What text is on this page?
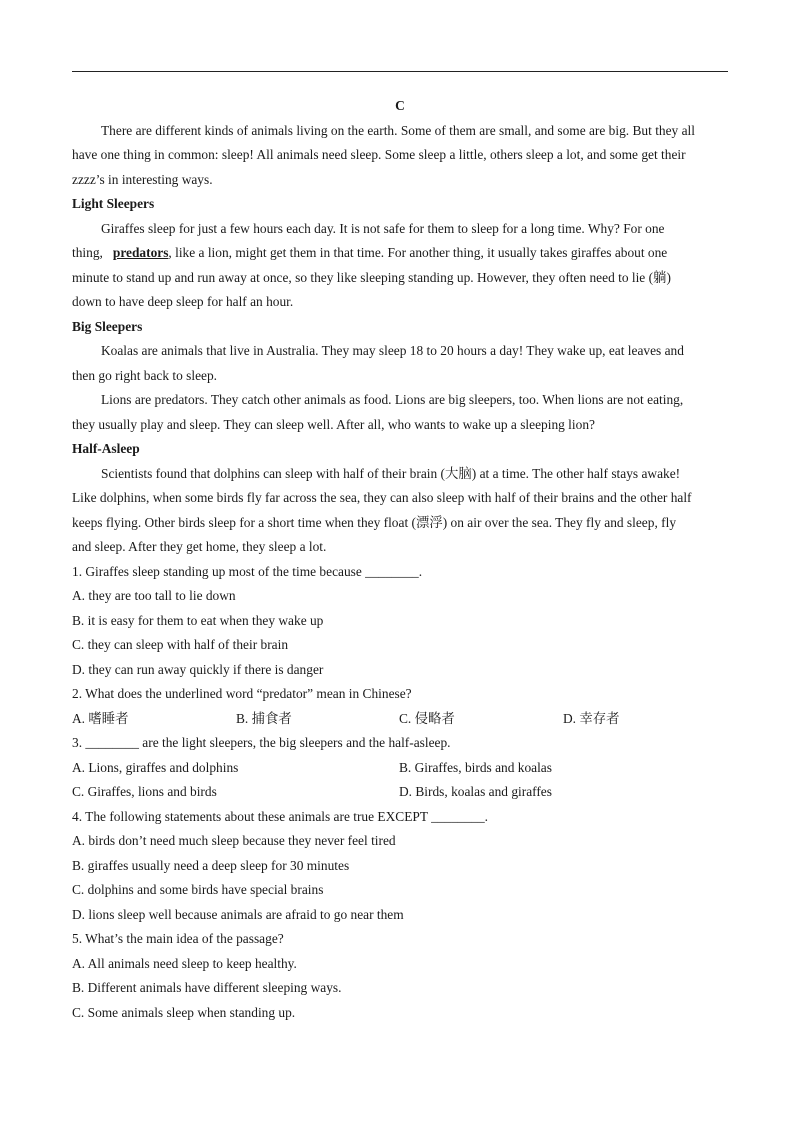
C
There are different kinds of animals living on the earth. Some of them are small, and some are big. But they all
have one thing in common: sleep! All animals need sleep. Some sleep a little, others sleep a lot, and some get their
zzzz’s in interesting ways.
Light Sleepers
Giraffes sleep for just a few hours each day. It is not safe for them to sleep for a long time. Why? For one
thing, predators, like a lion, might get them in that time. For another thing, it usually takes giraffes about one
minute to stand up and run away at once, so they like sleeping standing up. However, they often need to lie (躺)
down to have deep sleep for half an hour.
Big Sleepers
Koalas are animals that live in Australia. They may sleep 18 to 20 hours a day! They wake up, eat leaves and
then go right back to sleep.
Lions are predators. They catch other animals as food. Lions are big sleepers, too. When lions are not eating,
they usually play and sleep. They can sleep well. After all, who wants to wake up a sleeping lion?
Half-Asleep
Scientists found that dolphins can sleep with half of their brain (大脑) at a time. The other half stays awake!
Like dolphins, when some birds fly far across the sea, they can also sleep with half of their brains and the other half
keeps flying. Other birds sleep for a short time when they float (漂浮) on air over the sea. They fly and sleep, fly
and sleep. After they get home, they sleep a lot.
1. Giraffes sleep standing up most of the time because ________.
A. they are too tall to lie down
B. it is easy for them to eat when they wake up
C. they can sleep with half of their brain
D. they can run away quickly if there is danger
2. What does the underlined word “predator” mean in Chinese?
A. 嗜睡者	B. 捕食者	C. 侵略者	D. 幸存者
3. ________ are the light sleepers, the big sleepers and the half-asleep.
A. Lions, giraffes and dolphins	B. Giraffes, birds and koalas
C. Giraffes, lions and birds	D. Birds, koalas and giraffes
4. The following statements about these animals are true EXCEPT ________.
A. birds don’t need much sleep because they never feel tired
B. giraffes usually need a deep sleep for 30 minutes
C. dolphins and some birds have special brains
D. lions sleep well because animals are afraid to go near them
5. What’s the main idea of the passage?
A. All animals need sleep to keep healthy.
B. Different animals have different sleeping ways.
C. Some animals sleep when standing up.
